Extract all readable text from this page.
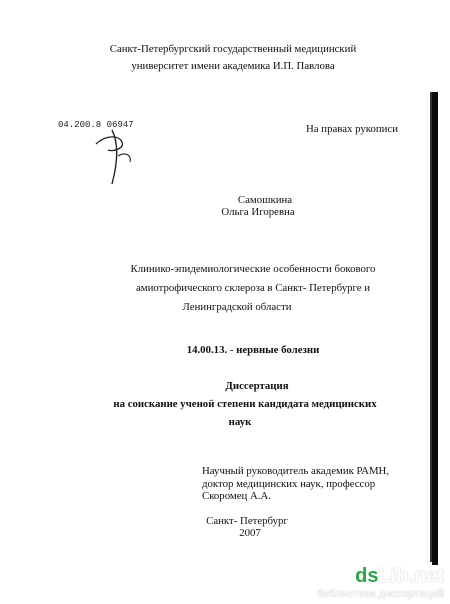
Санкт-Петербургский государственный медицинский
университет имени академика И.П. Павлова
04.200.8 06947	На правах рукописи
Самошкина
Ольга Игоревна
Клинико-эпидемиологические особенности бокового
амиотрофического склероза в Санкт- Петербурге и
Ленинградской области
14.00.13. - нервные болезни
Диссертация
на соискание ученой степени кандидата медицинских
наук
Научный руководитель академик РАМН,
доктор медицинских наук, профессор
Скоромец А.А.
Санкт- Петербург
2007
dsLib.net
библиотека диссертаций
